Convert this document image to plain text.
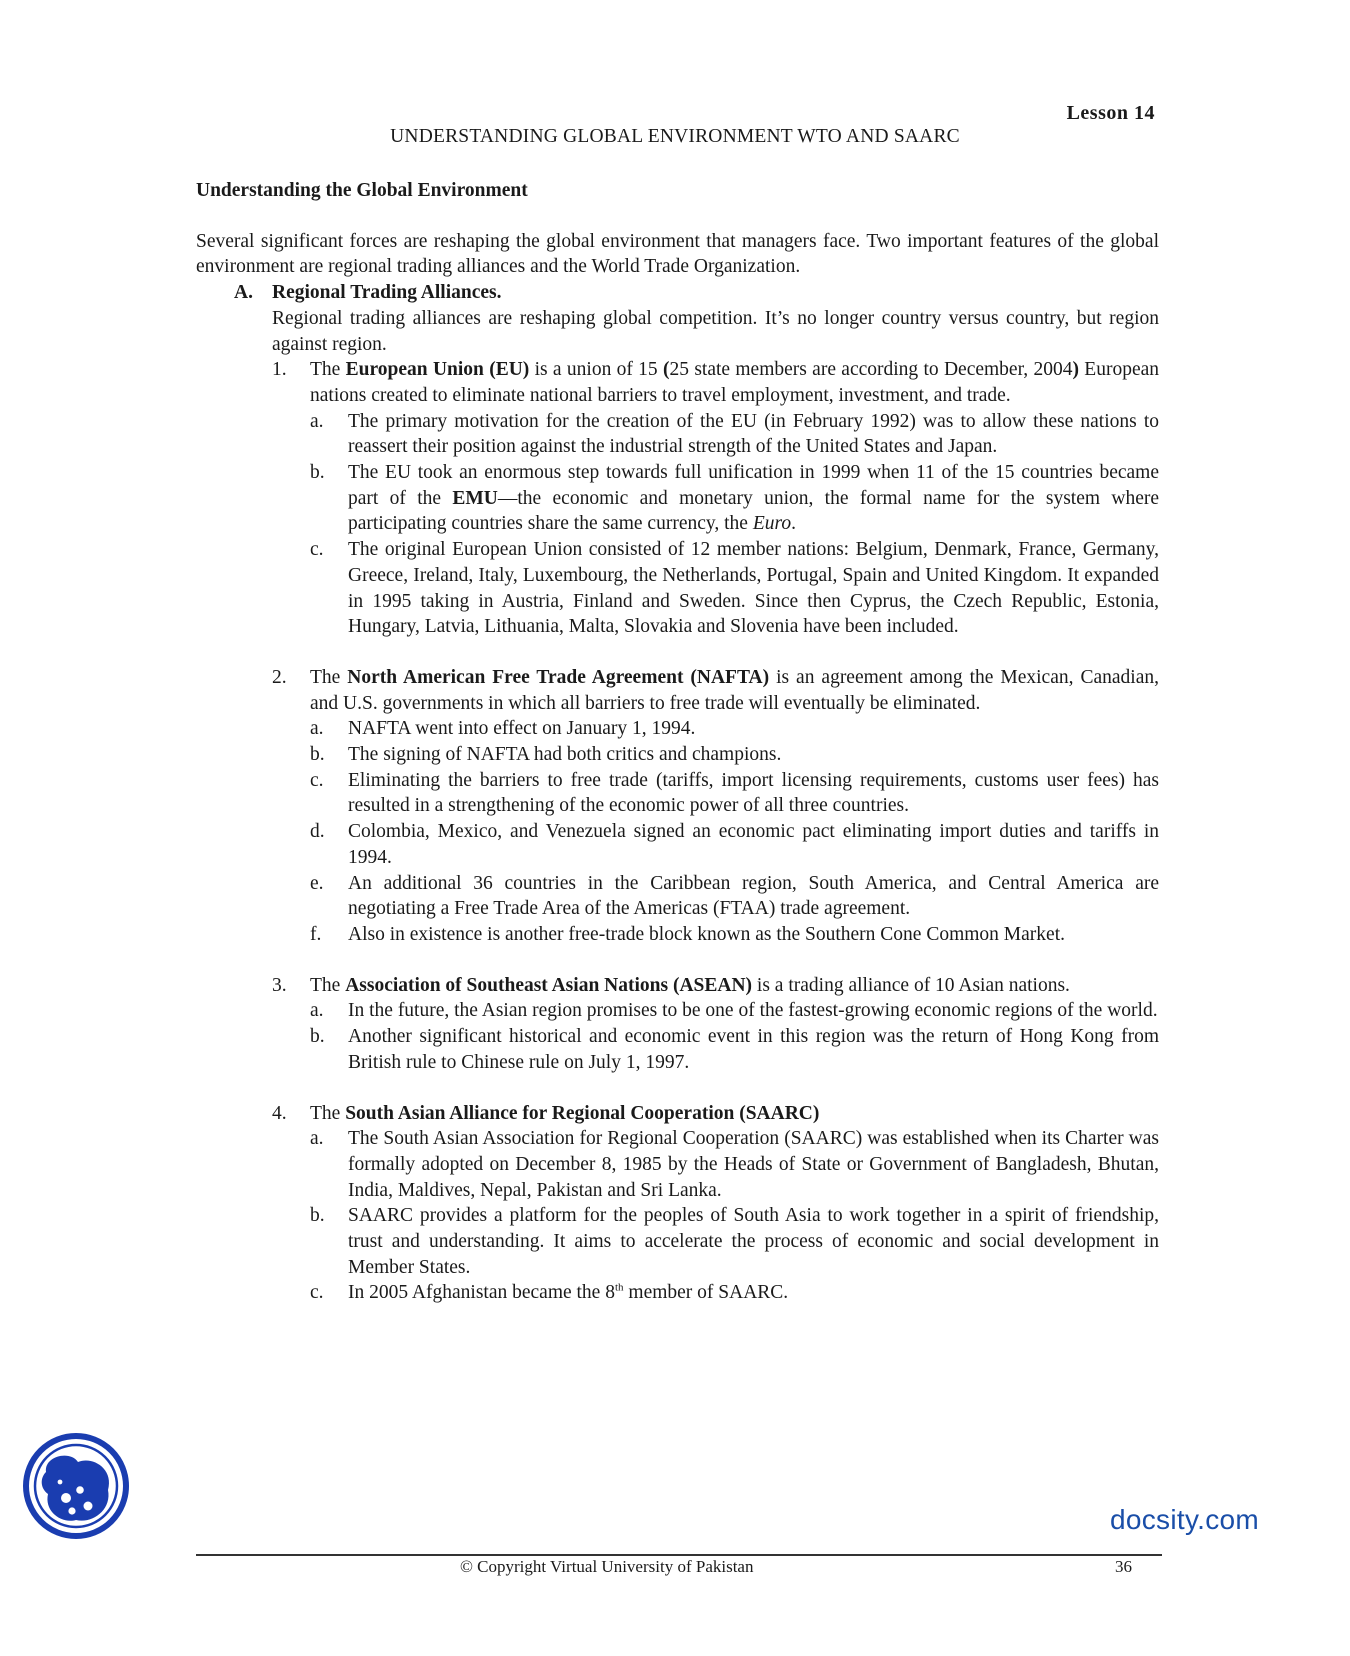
Lesson 14
UNDERSTANDING GLOBAL ENVIRONMENT WTO AND SAARC
Understanding the Global Environment

Several significant forces are reshaping the global environment that managers face. Two important features of the global environment are regional trading alliances and the World Trade Organization.

A. Regional Trading Alliances.
Regional trading alliances are reshaping global competition. It’s no longer country versus country, but region against region.
1.	The European Union (EU) is a union of 15 (25 state members are according to December, 2004) European nations created to eliminate national barriers to travel employment, investment, and trade.
a.	The primary motivation for the creation of the EU (in February 1992) was to allow these nations to reassert their position against the industrial strength of the United States and Japan.
b.	The EU took an enormous step towards full unification in 1999 when 11 of the 15 countries became part of the EMU—the economic and monetary union, the formal name for the system where participating countries share the same currency, the Euro.
c.	The original European Union consisted of 12 member nations: Belgium, Denmark, France, Germany, Greece, Ireland, Italy, Luxembourg, the Netherlands, Portugal, Spain and United Kingdom. It expanded in 1995 taking in Austria, Finland and Sweden. Since then Cyprus, the Czech Republic, Estonia, Hungary, Latvia, Lithuania, Malta, Slovakia and Slovenia have been included.
2.	The North American Free Trade Agreement (NAFTA) is an agreement among the Mexican, Canadian, and U.S. governments in which all barriers to free trade will eventually be eliminated.
a.	NAFTA went into effect on January 1, 1994.
b.	The signing of NAFTA had both critics and champions.
c.	Eliminating the barriers to free trade (tariffs, import licensing requirements, customs user fees) has resulted in a strengthening of the economic power of all three countries.
d.	Colombia, Mexico, and Venezuela signed an economic pact eliminating import duties and tariffs in 1994.
e.	An additional 36 countries in the Caribbean region, South America, and Central America are negotiating a Free Trade Area of the Americas (FTAA) trade agreement.
f.	Also in existence is another free-trade block known as the Southern Cone Common Market.
3.	The Association of Southeast Asian Nations (ASEAN) is a trading alliance of 10 Asian nations.
a.	In the future, the Asian region promises to be one of the fastest-growing economic regions of the world.
b.	Another significant historical and economic event in this region was the return of Hong Kong from British rule to Chinese rule on July 1, 1997.
4.	The South Asian Alliance for Regional Cooperation (SAARC)
a.	The South Asian Association for Regional Cooperation (SAARC) was established when its Charter was formally adopted on December 8, 1985 by the Heads of State or Government of Bangladesh, Bhutan, India, Maldives, Nepal, Pakistan and Sri Lanka.
b.	SAARC provides a platform for the peoples of South Asia to work together in a spirit of friendship, trust and understanding. It aims to accelerate the process of economic and social development in Member States.
c.	In 2005 Afghanistan became the 8th member of SAARC.
© Copyright Virtual University of Pakistan	36
docsity.com
